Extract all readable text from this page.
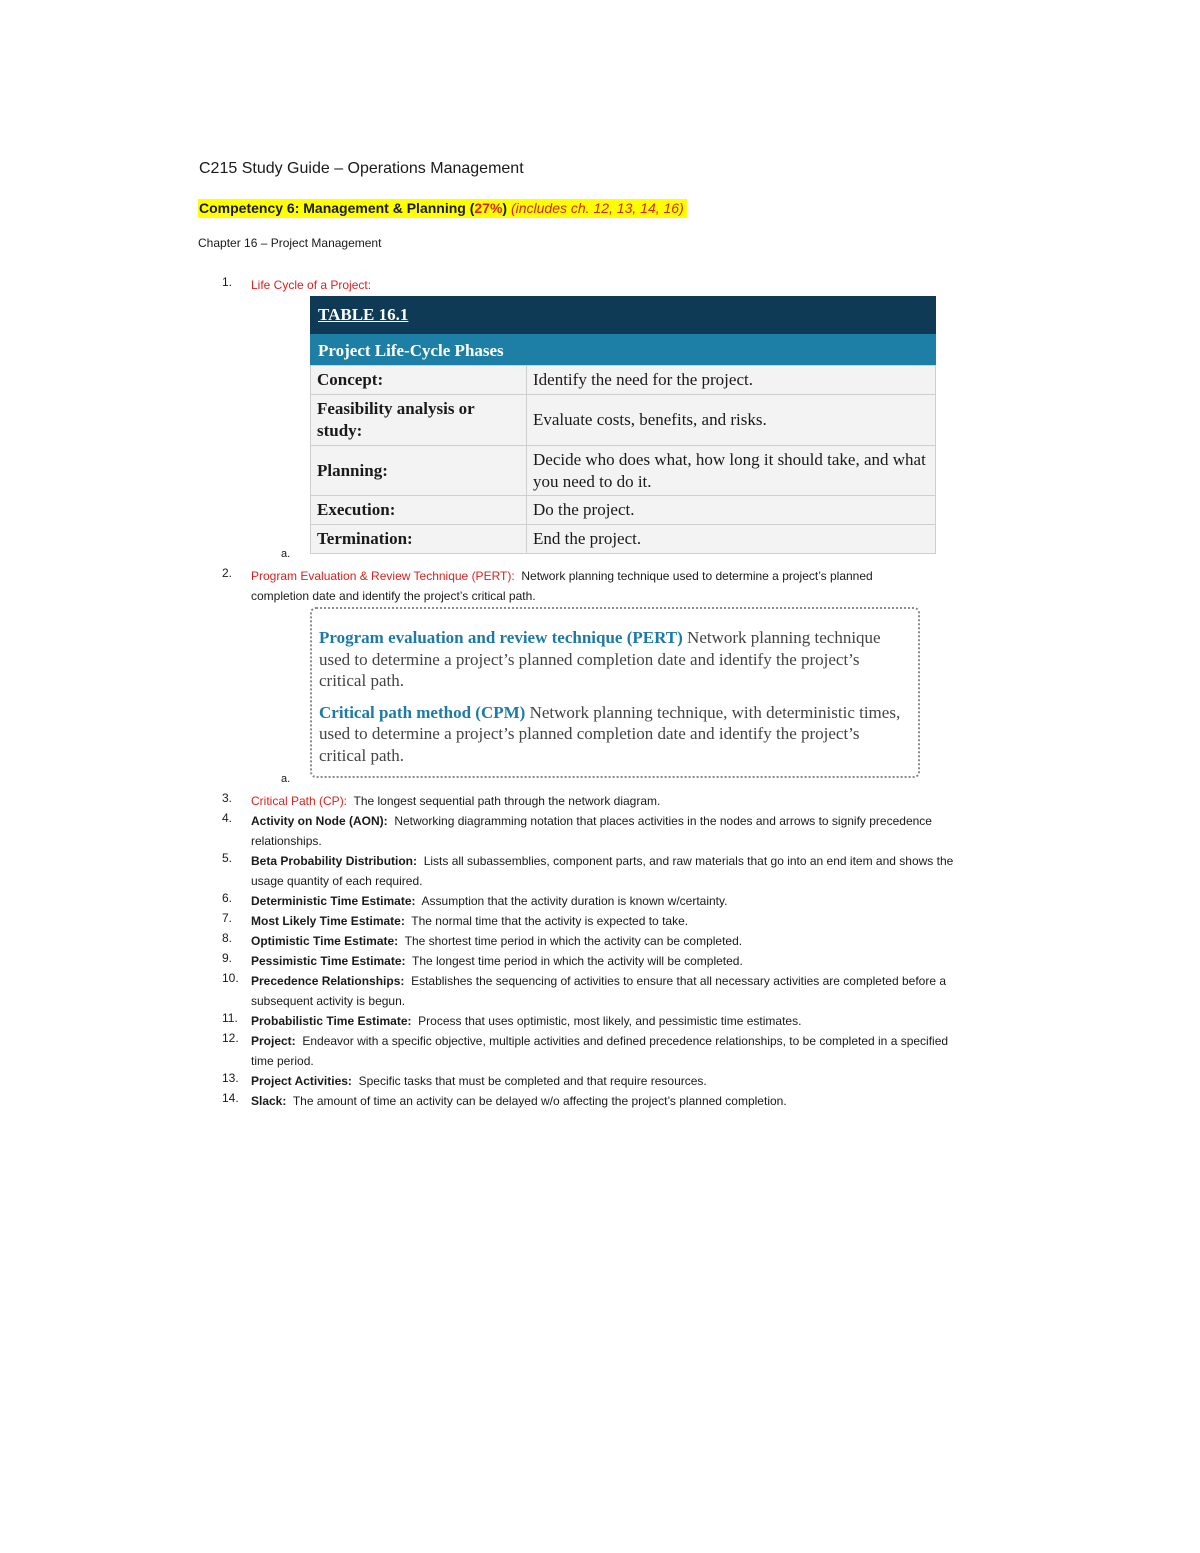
C215 Study Guide – Operations Management
Competency 6: Management & Planning (27%) (includes ch. 12, 13, 14, 16)
Chapter 16 – Project Management
1.	Life Cycle of a Project:
TABLE 16.1
Project Life-Cycle Phases
Concept:	Identify the need for the project.
Feasibility analysis or study:	Evaluate costs, benefits, and risks.
Planning:	Decide who does what, how long it should take, and what you need to do it.
Execution:	Do the project.
Termination:	End the project.
a.
2.	Program Evaluation & Review Technique (PERT): Network planning technique used to determine a project’s planned completion date and identify the project’s critical path.

Program evaluation and review technique (PERT) Network planning technique used to determine a project’s planned completion date and identify the project’s critical path.

Critical path method (CPM) Network planning technique, with deterministic times, used to determine a project’s planned completion date and identify the project’s critical path.

a.
3.	Critical Path (CP): The longest sequential path through the network diagram.
4.	Activity on Node (AON): Networking diagramming notation that places activities in the nodes and arrows to signify precedence relationships.
5.	Beta Probability Distribution: Lists all subassemblies, component parts, and raw materials that go into an end item and shows the usage quantity of each required.
6.	Deterministic Time Estimate: Assumption that the activity duration is known w/certainty.
7.	Most Likely Time Estimate: The normal time that the activity is expected to take.
8.	Optimistic Time Estimate: The shortest time period in which the activity can be completed.
9.	Pessimistic Time Estimate: The longest time period in which the activity will be completed.
10.	Precedence Relationships: Establishes the sequencing of activities to ensure that all necessary activities are completed before a subsequent activity is begun.
11.	Probabilistic Time Estimate: Process that uses optimistic, most likely, and pessimistic time estimates.
12.	Project: Endeavor with a specific objective, multiple activities and defined precedence relationships, to be completed in a specified time period.
13.	Project Activities: Specific tasks that must be completed and that require resources.
14.	Slack: The amount of time an activity can be delayed w/o affecting the project’s planned completion.
